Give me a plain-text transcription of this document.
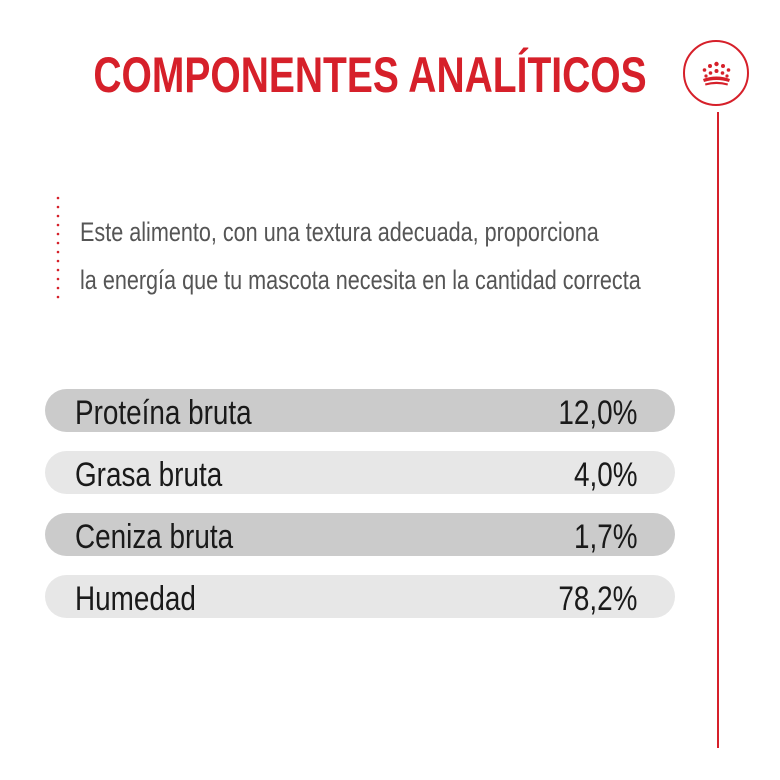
COMPONENTES ANALÍTICOS
Este alimento, con una textura adecuada, proporciona
la energía que tu mascota necesita en la cantidad correcta
Proteína bruta	12,0%
Grasa bruta	4,0%
Ceniza bruta	1,7%
Humedad	78,2%
